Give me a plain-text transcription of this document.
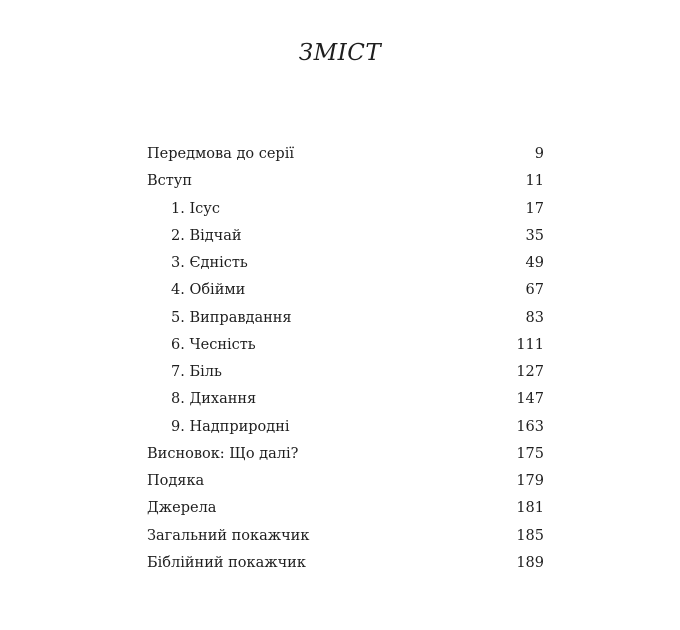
ЗМІСТ
Передмова до серії	9
Вступ	11
1. Ісус	17
2. Відчай	35
3. Єдність	49
4. Обійми	67
5. Виправдання	83
6. Чесність	111
7. Біль	127
8. Дихання	147
9. Надприродні	163
Висновок: Що далі?	175
Подяка	179
Джерела	181
Загальний покажчик	185
Біблійний покажчик	189
